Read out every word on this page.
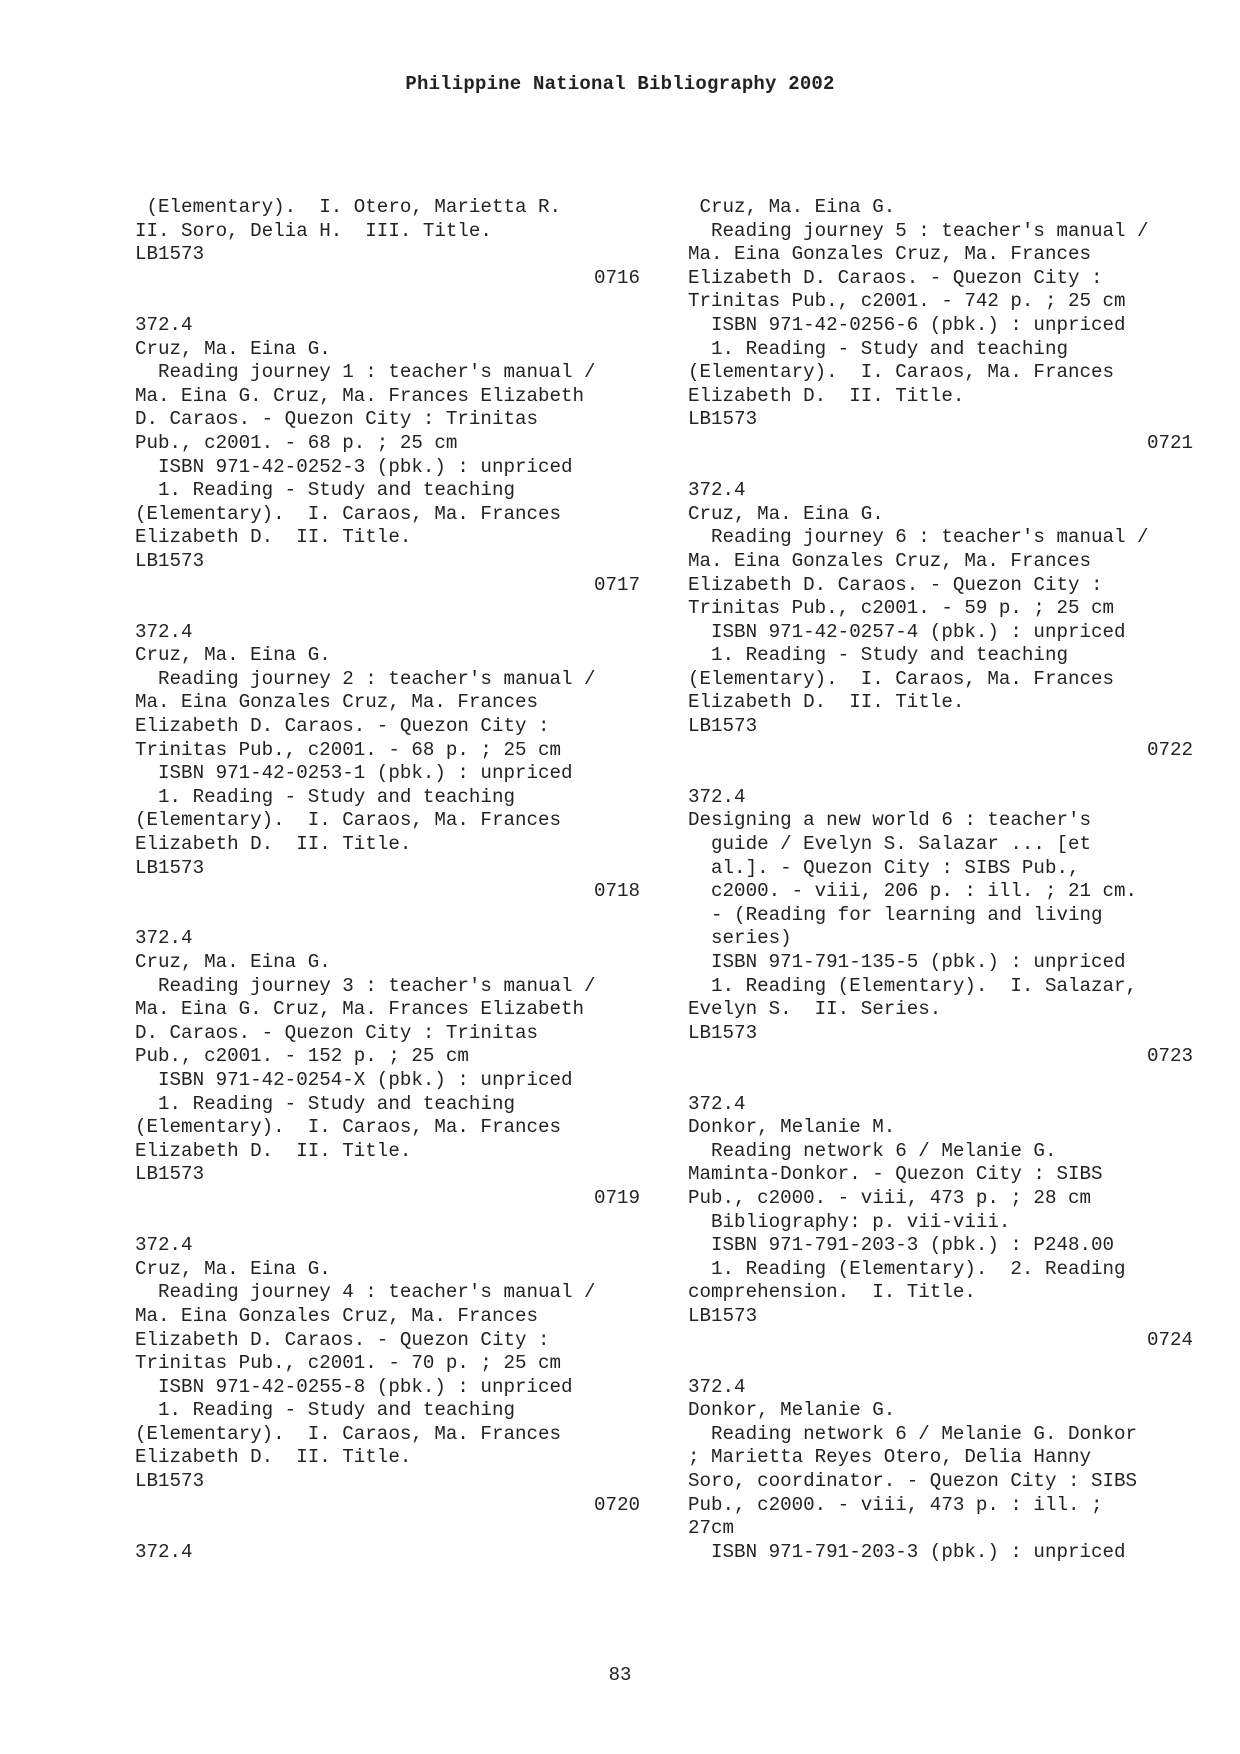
Philippine National Bibliography 2002
(Elementary).  I. Otero, Marietta R.
II. Soro, Delia H.  III. Title.
LB1573
0716
372.4
Cruz, Ma. Eina G.
Reading journey 1 : teacher's manual /
Ma. Eina G. Cruz, Ma. Frances Elizabeth
D. Caraos. - Quezon City : Trinitas
Pub., c2001. - 68 p. ; 25 cm
ISBN 971-42-0252-3 (pbk.) : unpriced
1. Reading - Study and teaching
(Elementary).  I. Caraos, Ma. Frances
Elizabeth D.  II. Title.
LB1573
0717
372.4
Cruz, Ma. Eina G.
Reading journey 2 : teacher's manual /
Ma. Eina Gonzales Cruz, Ma. Frances
Elizabeth D. Caraos. - Quezon City :
Trinitas Pub., c2001. - 68 p. ; 25 cm
ISBN 971-42-0253-1 (pbk.) : unpriced
1. Reading - Study and teaching
(Elementary).  I. Caraos, Ma. Frances
Elizabeth D.  II. Title.
LB1573
0718
372.4
Cruz, Ma. Eina G.
Reading journey 3 : teacher's manual /
Ma. Eina G. Cruz, Ma. Frances Elizabeth
D. Caraos. - Quezon City : Trinitas
Pub., c2001. - 152 p. ; 25 cm
ISBN 971-42-0254-X (pbk.) : unpriced
1. Reading - Study and teaching
(Elementary).  I. Caraos, Ma. Frances
Elizabeth D.  II. Title.
LB1573
0719
372.4
Cruz, Ma. Eina G.
Reading journey 4 : teacher's manual /
Ma. Eina Gonzales Cruz, Ma. Frances
Elizabeth D. Caraos. - Quezon City :
Trinitas Pub., c2001. - 70 p. ; 25 cm
ISBN 971-42-0255-8 (pbk.) : unpriced
1. Reading - Study and teaching
(Elementary).  I. Caraos, Ma. Frances
Elizabeth D.  II. Title.
LB1573
0720
372.4
Cruz, Ma. Eina G.
Reading journey 5 : teacher's manual /
Ma. Eina Gonzales Cruz, Ma. Frances
Elizabeth D. Caraos. - Quezon City :
Trinitas Pub., c2001. - 742 p. ; 25 cm
ISBN 971-42-0256-6 (pbk.) : unpriced
1. Reading - Study and teaching
(Elementary).  I. Caraos, Ma. Frances
Elizabeth D.  II. Title.
LB1573
0721
372.4
Cruz, Ma. Eina G.
Reading journey 6 : teacher's manual /
Ma. Eina Gonzales Cruz, Ma. Frances
Elizabeth D. Caraos. - Quezon City :
Trinitas Pub., c2001. - 59 p. ; 25 cm
ISBN 971-42-0257-4 (pbk.) : unpriced
1. Reading - Study and teaching
(Elementary).  I. Caraos, Ma. Frances
Elizabeth D.  II. Title.
LB1573
0722
372.4
Designing a new world 6 : teacher's
guide / Evelyn S. Salazar ... [et
al.]. - Quezon City : SIBS Pub.,
c2000. - viii, 206 p. : ill. ; 21 cm.
- (Reading for learning and living
series)
ISBN 971-791-135-5 (pbk.) : unpriced
1. Reading (Elementary).  I. Salazar,
Evelyn S.  II. Series.
LB1573
0723
372.4
Donkor, Melanie M.
Reading network 6 / Melanie G.
Maminta-Donkor. - Quezon City : SIBS
Pub., c2000. - viii, 473 p. ; 28 cm
Bibliography: p. vii-viii.
ISBN 971-791-203-3 (pbk.) : P248.00
1. Reading (Elementary).  2. Reading
comprehension.  I. Title.
LB1573
0724
372.4
Donkor, Melanie G.
Reading network 6 / Melanie G. Donkor
; Marietta Reyes Otero, Delia Hanny
Soro, coordinator. - Quezon City : SIBS
Pub., c2000. - viii, 473 p. : ill. ;
27cm
ISBN 971-791-203-3 (pbk.) : unpriced
83
